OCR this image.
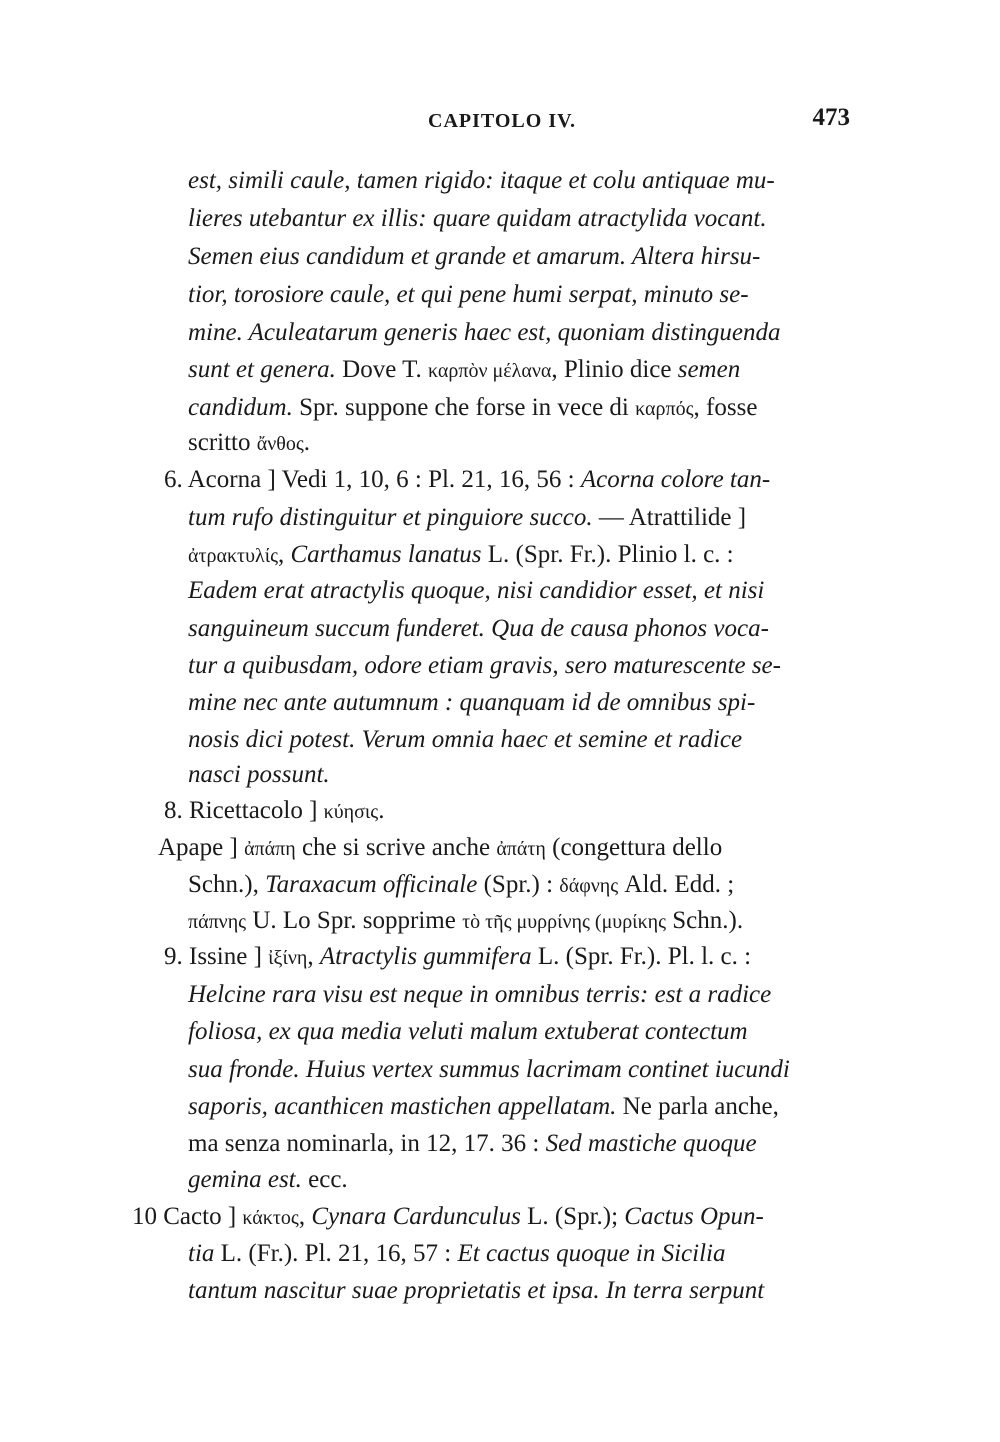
CAPITOLO IV.	473
est, simili caule, tamen rigido: itaque et colu antiquae mu-
lieres utebantur ex illis: quare quidam atractylida vocant.
Semen eius candidum et grande et amarum. Altera hirsu-
tior, torosiore caule, et qui pene humi serpat, minuto se-
mine. Aculeatarum generis haec est, quoniam distinguenda
sunt et genera. Dove T. καρπὸν μέλανα, Plinio dice semen
candidum. Spr. suppone che forse in vece di καρπός, fosse
scritto ἄνθος.
6. Acorna ] Vedi 1, 10, 6 : Pl. 21, 16, 56 : Acorna colore tan-
tum rufo distinguitur et pinguiore succo. — Atrattilide ]
ἀτρακτυλίς, Carthamus lanatus L. (Spr. Fr.). Plinio l. c. :
Eadem erat atractylis quoque, nisi candidior esset, et nisi
sanguineum succum funderet. Qua de causa phonos voca-
tur a quibusdam, odore etiam gravis, sero maturescente se-
mine nec ante autumnum : quanquam id de omnibus spi-
nosis dici potest. Verum omnia haec et semine et radice
nasci possunt.
8. Ricettacolo ] κύησις.
Apape ] ἀπάπη che si scrive anche ἀπάτη (congettura dello
Schn.), Taraxacum officinale (Spr.) : δάφνης Ald. Edd. ;
πάπνης U. Lo Spr. sopprime τὸ τῆς μυρρίνης (μυρίκης Schn.).
9. Issine ] ἰξίνη, Atractylis gummifera L. (Spr. Fr.). Pl. l. c. :
Helcine rara visu est neque in omnibus terris: est a radice
foliosa, ex qua media veluti malum extuberat contectum
sua fronde. Huius vertex summus lacrimam continet iucundi
saporis, acanthicen mastichen appellatam. Ne parla anche,
ma senza nominarla, in 12, 17. 36 : Sed mastiche quoque
gemina est. ecc.
10 Cacto ] κάκτος, Cynara Cardunculus L. (Spr.); Cactus Opun-
tia L. (Fr.). Pl. 21, 16, 57 : Et cactus quoque in Sicilia
tantum nascitur suae proprietatis et ipsa. In terra serpunt
